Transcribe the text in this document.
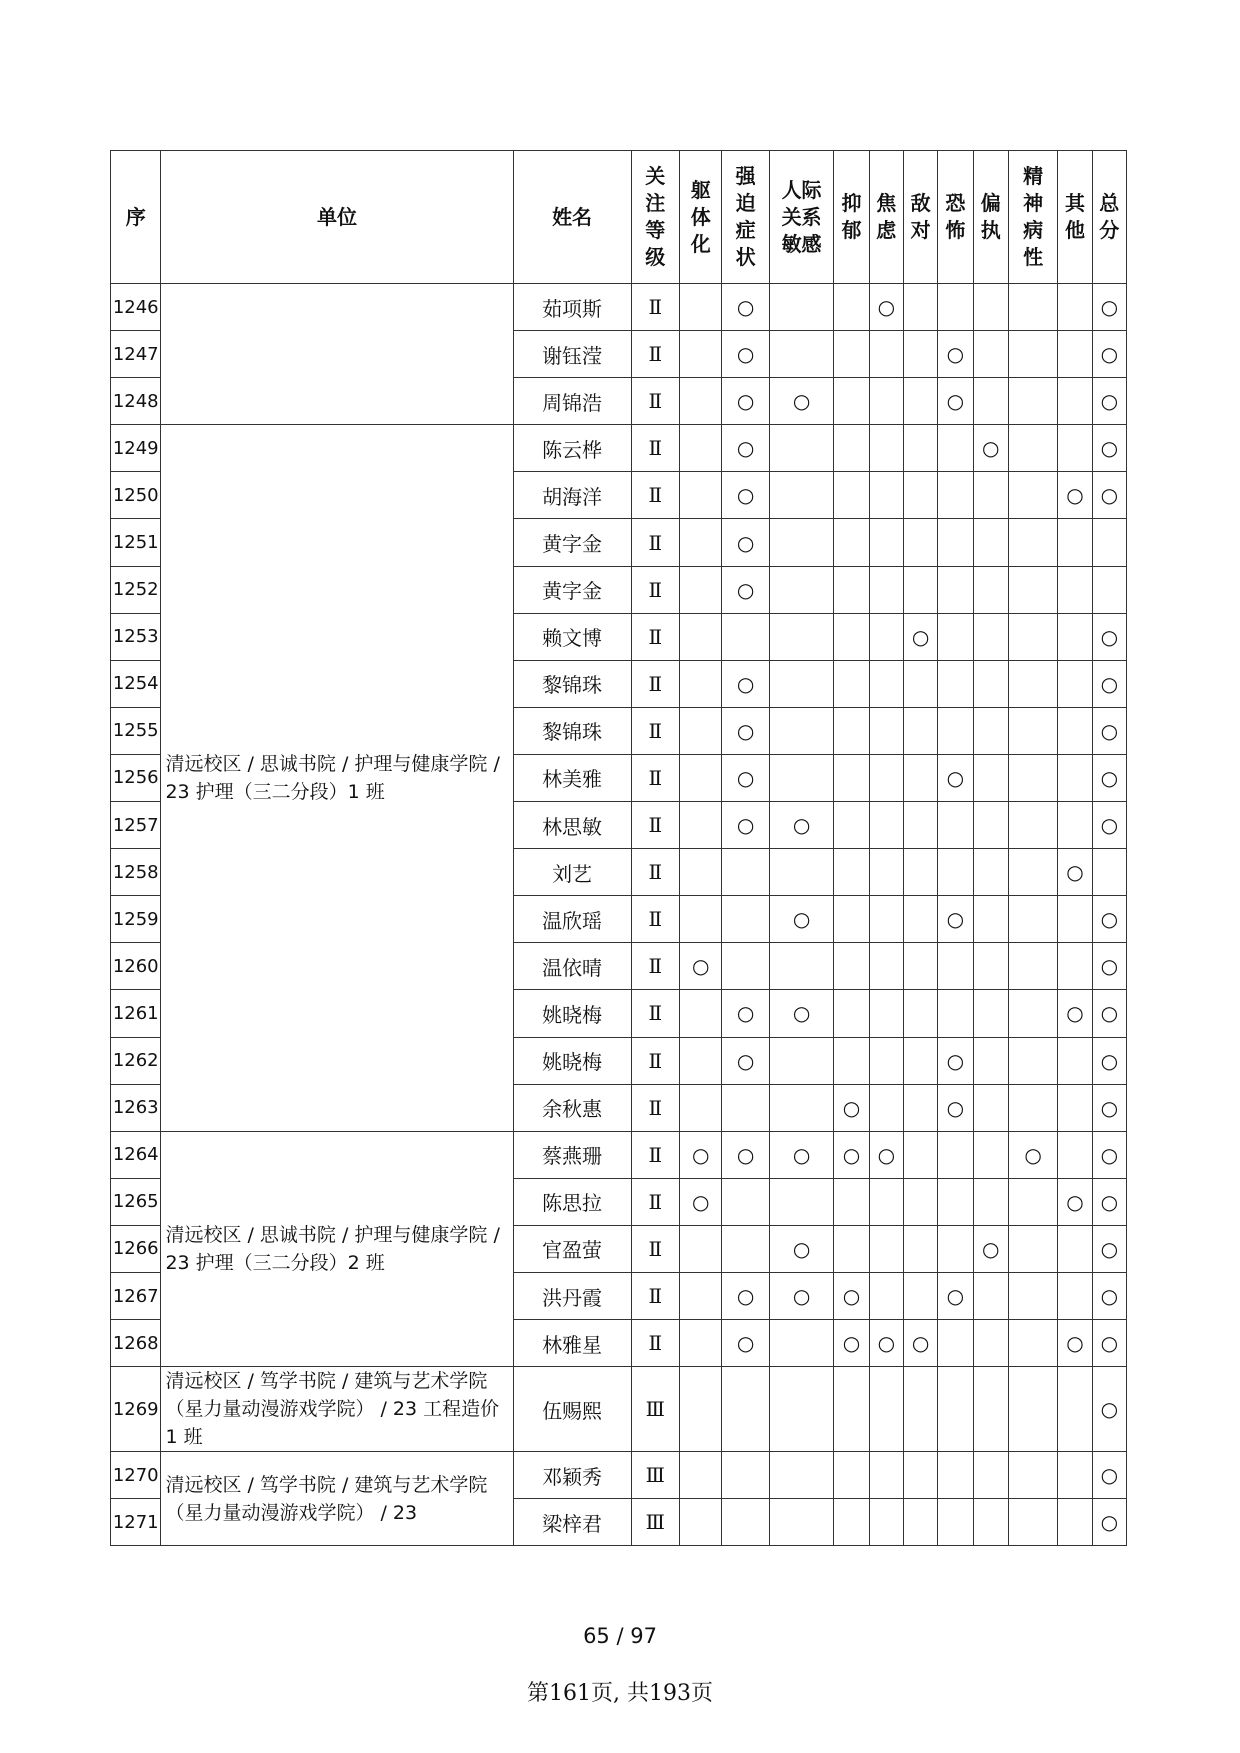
序	单位	姓名	关注等级	躯体化	强迫症状	人际关系敏感	抑郁	焦虑	敌对	恐怖	偏执	精神病性	其他	总分
1246		茹项斯	Ⅱ		○			○						○
1247		谢钰滢	Ⅱ		○					○				○
1248		周锦浩	Ⅱ		○	○				○				○
1249	清远校区 / 思诚书院 / 护理与健康学院 / 23 护理（三二分段）1 班	陈云桦	Ⅱ		○						○			○
1250		胡海洋	Ⅱ		○								○	○
1251		黄字金	Ⅱ		○									
1252		黄字金	Ⅱ		○									
1253		赖文博	Ⅱ						○					○
1254		黎锦珠	Ⅱ		○									○
1255		黎锦珠	Ⅱ		○									○
1256		林美雅	Ⅱ		○					○				○
1257		林思敏	Ⅱ		○	○								○
1258		刘艺	Ⅱ										○	
1259		温欣瑶	Ⅱ			○				○				○
1260		温依晴	Ⅱ	○										○
1261		姚晓梅	Ⅱ		○	○							○	○
1262		姚晓梅	Ⅱ		○					○				○
1263		余秋惠	Ⅱ				○			○				○
1264	清远校区 / 思诚书院 / 护理与健康学院 / 23 护理（三二分段）2 班	蔡燕珊	Ⅱ	○	○	○	○	○				○		○
1265		陈思拉	Ⅱ	○									○	○
1266		官盈萤	Ⅱ			○					○			○
1267		洪丹霞	Ⅱ		○	○	○			○				○
1268		林雅星	Ⅱ		○		○	○	○				○	○
1269	清远校区 / 笃学书院 / 建筑与艺术学院（星力量动漫游戏学院） / 23 工程造价 1 班	伍赐熙	Ⅲ											○
1270	清远校区 / 笃学书院 / 建筑与艺术学院（星力量动漫游戏学院） / 23	邓颖秀	Ⅲ											○
1271		梁梓君	Ⅲ											○
65 / 97
第161页, 共193页
